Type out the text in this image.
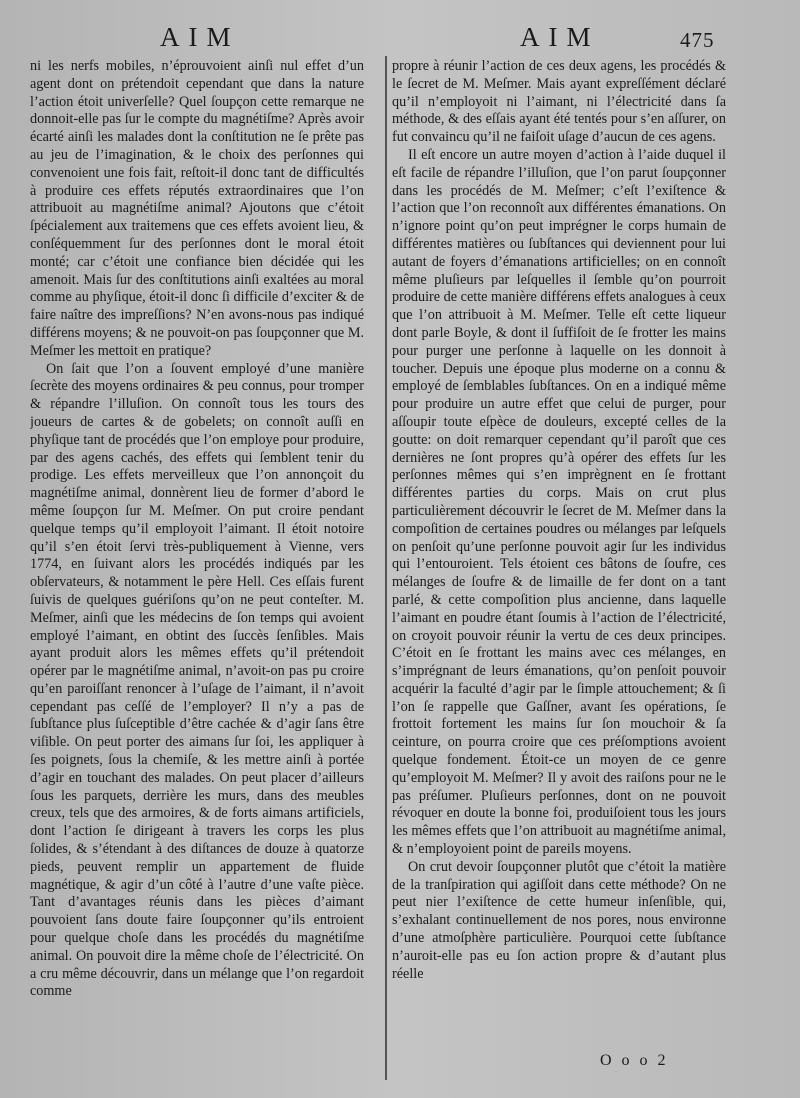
AIM	AIM	475

ni les nerfs mobiles, n’éprouvoient ainſi nul effet d’un agent dont on prétendoit cependant que dans la nature l’action étoit univerſelle? Quel ſoupçon cette remarque ne donnoit-elle pas ſur le compte du magnétiſme? Après avoir écarté ainſi les malades dont la conſtitution ne ſe prête pas au jeu de l’imagination, & le choix des perſonnes qui convenoient une fois fait, reſtoit-il donc tant de difficultés à produire ces effets réputés extraordinaires que l’on attribuoit au magnétiſme animal? Ajoutons que c’étoit ſpécialement aux traitemens que ces effets avoient lieu, & conſéquemment ſur des perſonnes dont le moral étoit monté; car c’étoit une confiance bien décidée qui les amenoit. Mais ſur des conſtitutions ainſi exaltées au moral comme au phyſique, étoit-il donc ſi difficile d’exciter & de faire naître des impreſſions? N’en avons-nous pas indiqué différens moyens; & ne pouvoit-on pas ſoupçonner que M. Meſmer les mettoit en pratique?

On ſait que l’on a ſouvent employé d’une manière ſecrète des moyens ordinaires & peu connus, pour tromper & répandre l’illuſion. On connoît tous les tours des joueurs de cartes & de gobelets; on connoît auſſi en phyſique tant de procédés que l’on employe pour produire, par des agens cachés, des effets qui ſemblent tenir du prodige. Les effets merveilleux que l’on annonçoit du magnétiſme animal, donnèrent lieu de former d’abord le même ſoupçon ſur M. Meſmer. On put croire pendant quelque temps qu’il employoit l’aimant. Il étoit notoire qu’il s’en étoit ſervi très-publiquement à Vienne, vers 1774, en ſuivant alors les procédés indiqués par les obſervateurs, & notamment le père Hell. Ces eſſais furent ſuivis de quelques guériſons qu’on ne peut conteſter. M. Meſmer, ainſi que les médecins de ſon temps qui avoient employé l’aimant, en obtint des ſuccès ſenſibles. Mais ayant produit alors les mêmes effets qu’il prétendoit opérer par le magnétiſme animal, n’avoit-on pas pu croire qu’en paroiſſant renoncer à l’uſage de l’aimant, il n’avoit cependant pas ceſſé de l’employer? Il n’y a pas de ſubſtance plus ſuſceptible d’être cachée & d’agir ſans être viſible. On peut porter des aimans ſur ſoi, les appliquer à ſes poignets, ſous la chemiſe, & les mettre ainſi à portée d’agir en touchant des malades. On peut placer d’ailleurs ſous les parquets, derrière les murs, dans des meubles creux, tels que des armoires, & de forts aimans artificiels, dont l’action ſe dirigeant à travers les corps les plus ſolides, & s’étendant à des diſtances de douze à quatorze pieds, peuvent remplir un appartement de fluide magnétique, & agir d’un côté à l’autre d’une vaſte pièce. Tant d’avantages réunis dans les pièces d’aimant pouvoient ſans doute faire ſoupçonner qu’ils entroient pour quelque choſe dans les procédés du magnétiſme animal. On pouvoit dire la même choſe de l’électricité. On a cru même découvrir, dans un mélange que l’on regardoit comme

propre à réunir l’action de ces deux agens, les procédés & le ſecret de M. Meſmer. Mais ayant expreſſément déclaré qu’il n’employoit ni l’aimant, ni l’électricité dans ſa méthode, & des eſſais ayant été tentés pour s’en aſſurer, on fut convaincu qu’il ne faiſoit uſage d’aucun de ces agens.

Il eſt encore un autre moyen d’action à l’aide duquel il eſt facile de répandre l’illuſion, que l’on parut ſoupçonner dans les procédés de M. Meſmer; c’eſt l’exiſtence & l’action que l’on reconnoît aux différentes émanations. On n’ignore point qu’on peut imprégner le corps humain de différentes matières ou ſubſtances qui deviennent pour lui autant de foyers d’émanations artificielles; on en connoît même pluſieurs par leſquelles il ſemble qu’on pourroit produire de cette manière différens effets analogues à ceux que l’on attribuoit à M. Meſmer. Telle eſt cette liqueur dont parle Boyle, & dont il ſuffiſoit de ſe frotter les mains pour purger une perſonne à laquelle on les donnoit à toucher. Depuis une époque plus moderne on a connu & employé de ſemblables ſubſtances. On en a indiqué même pour produire un autre effet que celui de purger, pour aſſoupir toute eſpèce de douleurs, excepté celles de la goutte: on doit remarquer cependant qu’il paroît que ces dernières ne ſont propres qu’à opérer des effets ſur les perſonnes mêmes qui s’en imprègnent en ſe frottant différentes parties du corps. Mais on crut plus particulièrement découvrir le ſecret de M. Meſmer dans la compoſition de certaines poudres ou mélanges par leſquels on penſoit qu’une perſonne pouvoit agir ſur les individus qui l’entouroient. Tels étoient ces bâtons de ſoufre, ces mélanges de ſoufre & de limaille de fer dont on a tant parlé, & cette compoſition plus ancienne, dans laquelle l’aimant en poudre étant ſoumis à l’action de l’électricité, on croyoit pouvoir réunir la vertu de ces deux principes. C’étoit en ſe frottant les mains avec ces mélanges, en s’imprégnant de leurs émanations, qu’on penſoit pouvoir acquérir la faculté d’agir par le ſimple attouchement; & ſi l’on ſe rappelle que Gaſſner, avant ſes opérations, ſe frottoit fortement les mains ſur ſon mouchoir & ſa ceinture, on pourra croire que ces préſomptions avoient quelque fondement. Étoit-ce un moyen de ce genre qu’employoit M. Meſmer? Il y avoit des raiſons pour ne le pas préſumer. Pluſieurs perſonnes, dont on ne pouvoit révoquer en doute la bonne foi, produiſoient tous les jours les mêmes effets que l’on attribuoit au magnétiſme animal, & n’employoient point de pareils moyens.

On crut devoir ſoupçonner plutôt que c’étoit la matière de la tranſpiration qui agiſſoit dans cette méthode? On ne peut nier l’exiſtence de cette humeur inſenſible, qui, s’exhalant continuellement de nos pores, nous environne d’une atmoſphère particulière. Pourquoi cette ſubſtance n’auroit-elle pas eu ſon action propre & d’autant plus réelle

O o o 2
